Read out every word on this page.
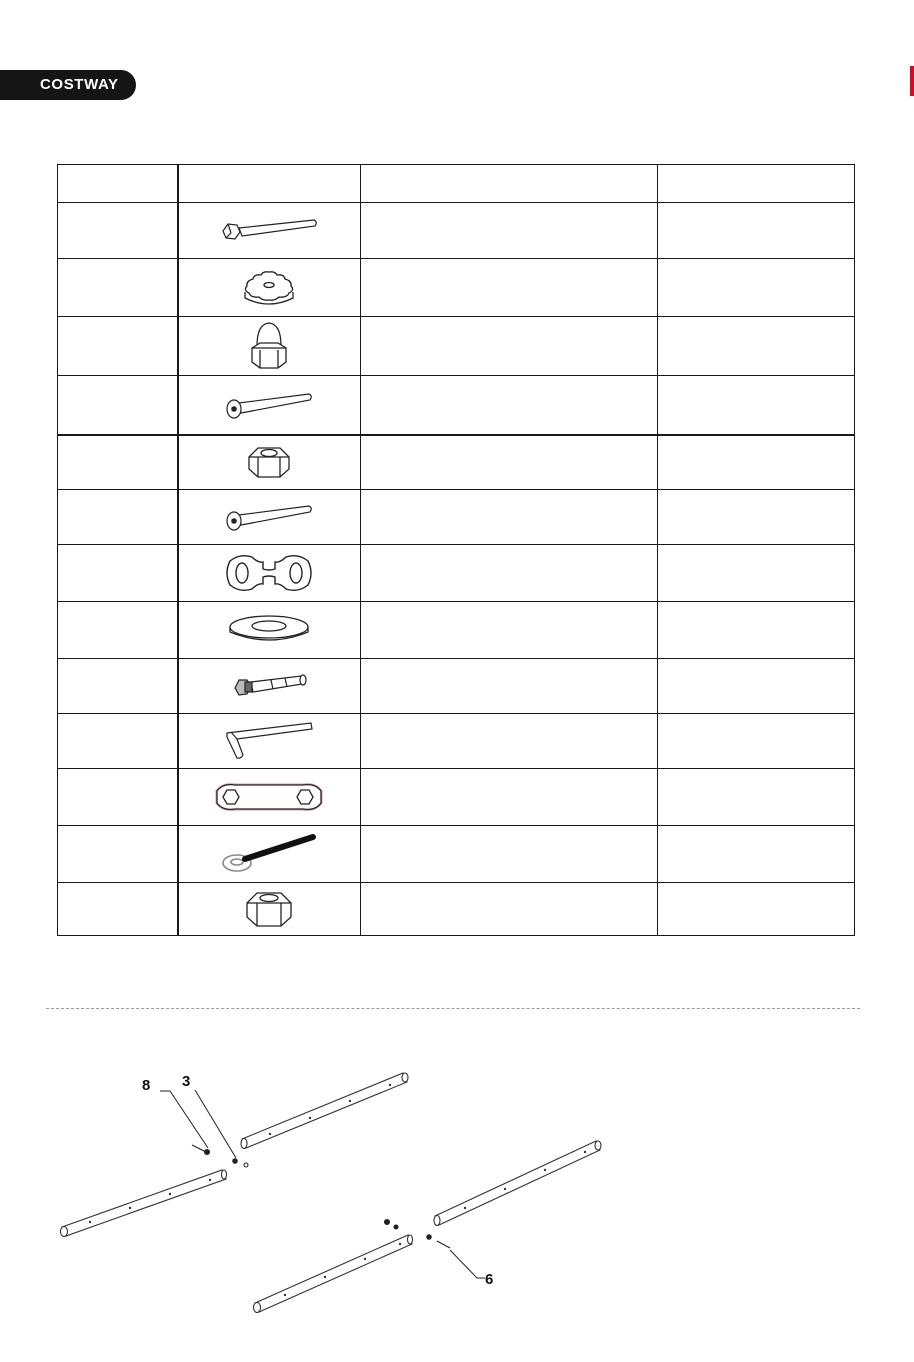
COSTWAY

8 3
6
